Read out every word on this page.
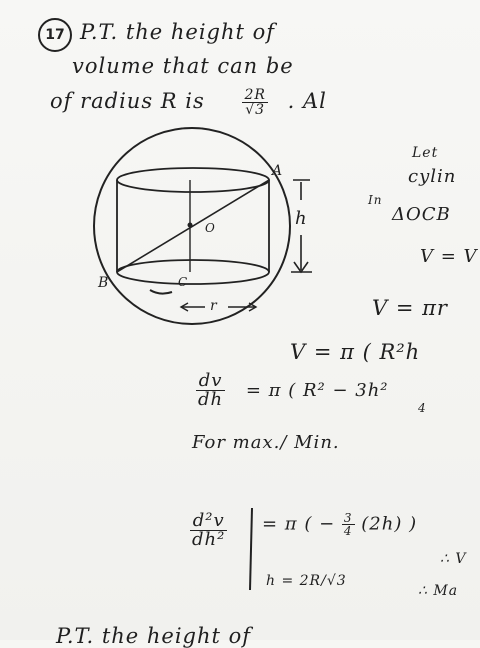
17 P.T. the height of
volume that can be
of radius R is	$\frac{2R}{√3}$ . Al
A
B	C
O	h
r
Let
cylin
In
ΔOCB
V = V
V = πr
V = π ( R²h
$\frac{dv}{dh} = \pi$ ( R² − 3h²
4
For max./ Min.
$\frac{\text{d²v}}{\text{dh²}} = \pi$ ( − $\frac{3}{4} (2h)$ )
h = 2R/√3
∴ V
∴ Ma
P.T. the height of
